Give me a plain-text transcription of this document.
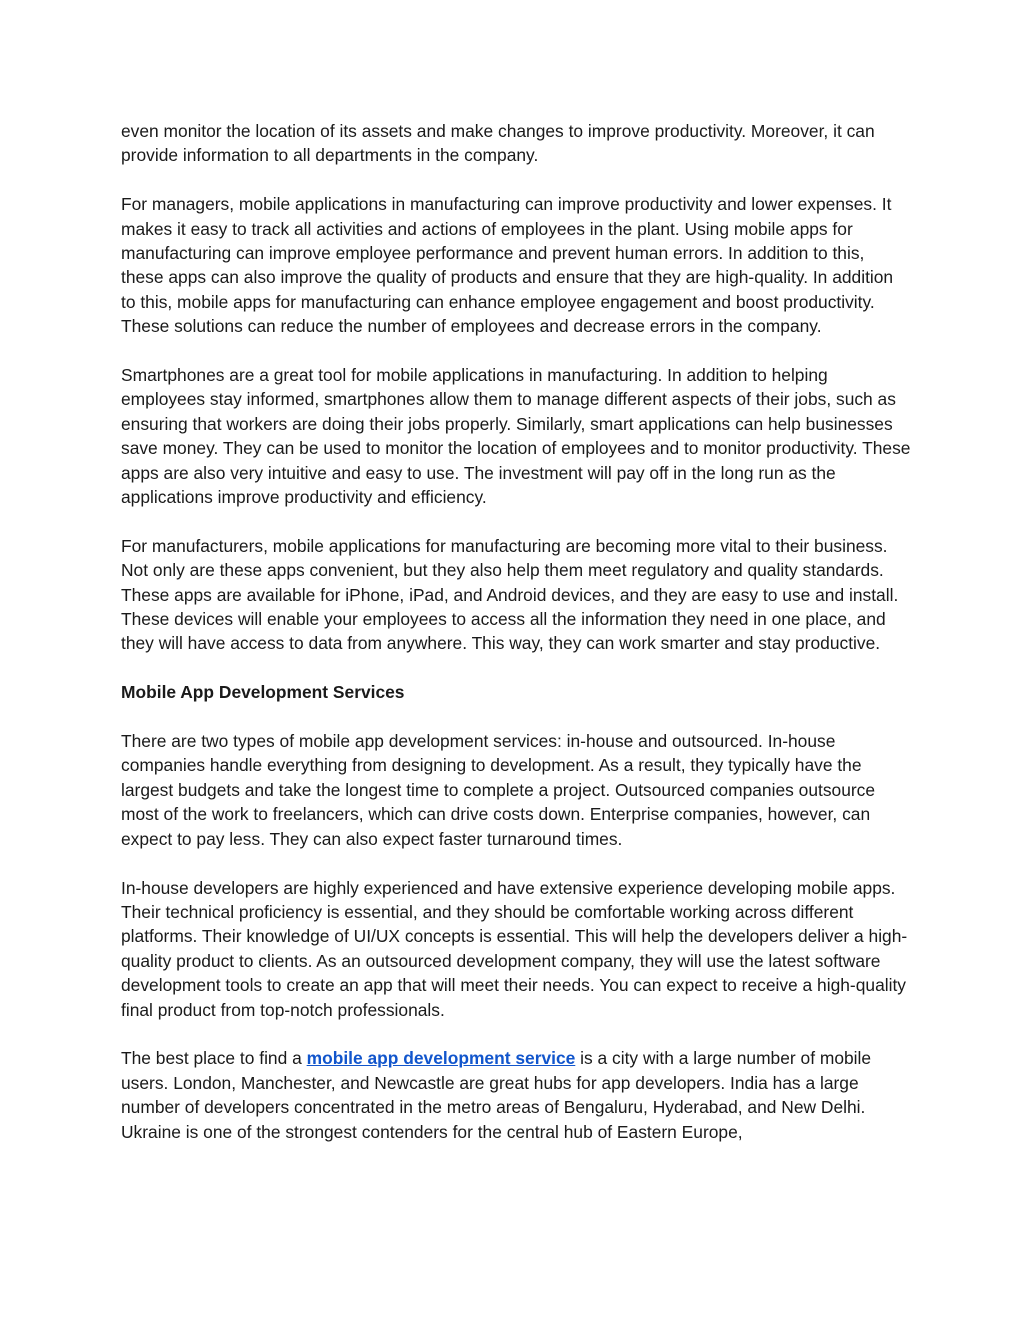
even monitor the location of its assets and make changes to improve productivity. Moreover, it can provide information to all departments in the company.

For managers, mobile applications in manufacturing can improve productivity and lower expenses. It makes it easy to track all activities and actions of employees in the plant. Using mobile apps for manufacturing can improve employee performance and prevent human errors. In addition to this, these apps can also improve the quality of products and ensure that they are high-quality. In addition to this, mobile apps for manufacturing can enhance employee engagement and boost productivity. These solutions can reduce the number of employees and decrease errors in the company.

Smartphones are a great tool for mobile applications in manufacturing. In addition to helping employees stay informed, smartphones allow them to manage different aspects of their jobs, such as ensuring that workers are doing their jobs properly. Similarly, smart applications can help businesses save money. They can be used to monitor the location of employees and to monitor productivity. These apps are also very intuitive and easy to use. The investment will pay off in the long run as the applications improve productivity and efficiency.

For manufacturers, mobile applications for manufacturing are becoming more vital to their business. Not only are these apps convenient, but they also help them meet regulatory and quality standards. These apps are available for iPhone, iPad, and Android devices, and they are easy to use and install. These devices will enable your employees to access all the information they need in one place, and they will have access to data from anywhere. This way, they can work smarter and stay productive.

Mobile App Development Services

There are two types of mobile app development services: in-house and outsourced. In-house companies handle everything from designing to development. As a result, they typically have the largest budgets and take the longest time to complete a project. Outsourced companies outsource most of the work to freelancers, which can drive costs down. Enterprise companies, however, can expect to pay less. They can also expect faster turnaround times.

In-house developers are highly experienced and have extensive experience developing mobile apps. Their technical proficiency is essential, and they should be comfortable working across different platforms. Their knowledge of UI/UX concepts is essential. This will help the developers deliver a high-quality product to clients. As an outsourced development company, they will use the latest software development tools to create an app that will meet their needs. You can expect to receive a high-quality final product from top-notch professionals.

The best place to find a mobile app development service is a city with a large number of mobile users. London, Manchester, and Newcastle are great hubs for app developers. India has a large number of developers concentrated in the metro areas of Bengaluru, Hyderabad, and New Delhi. Ukraine is one of the strongest contenders for the central hub of Eastern Europe,
